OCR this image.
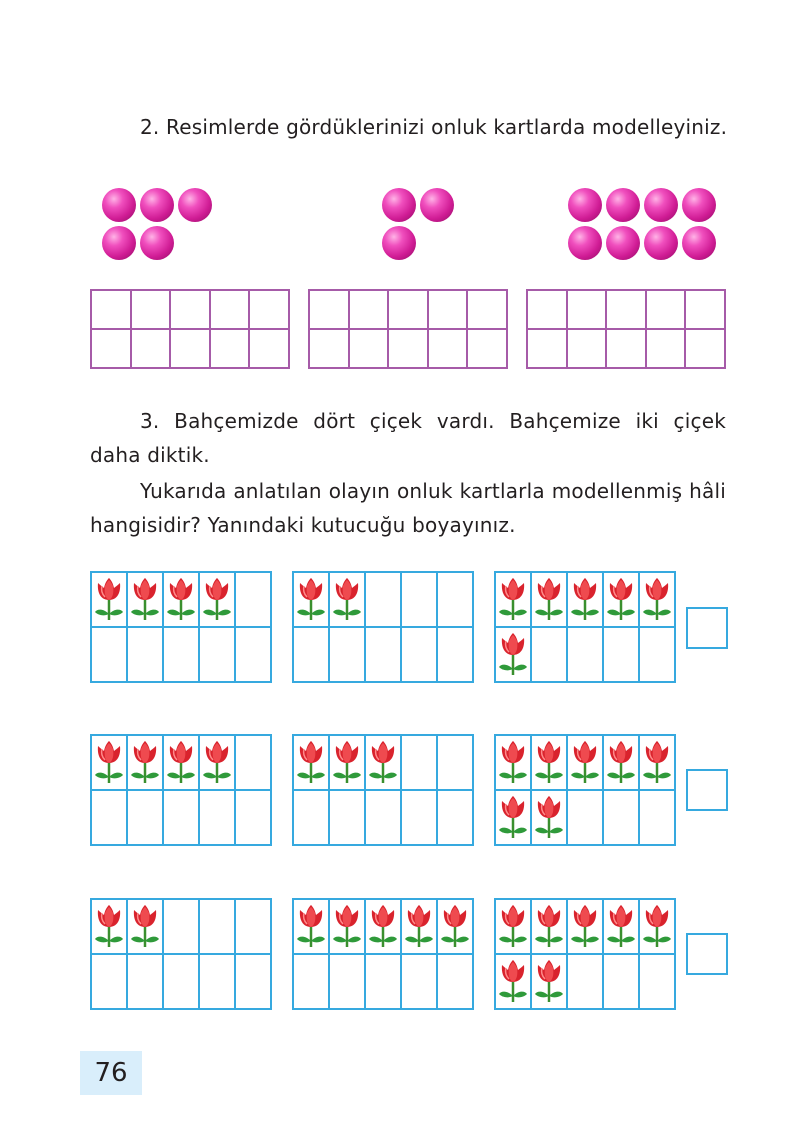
2. Resimlerde gördüklerinizi onluk kartlarda modelleyiniz.

3. Bahçemizde dört çiçek vardı. Bahçemize iki çiçek daha diktik.

Yukarıda anlatılan olayın onluk kartlarla modellenmiş hâli hangisidir? Yanındaki kutucuğu boyayınız.

76
